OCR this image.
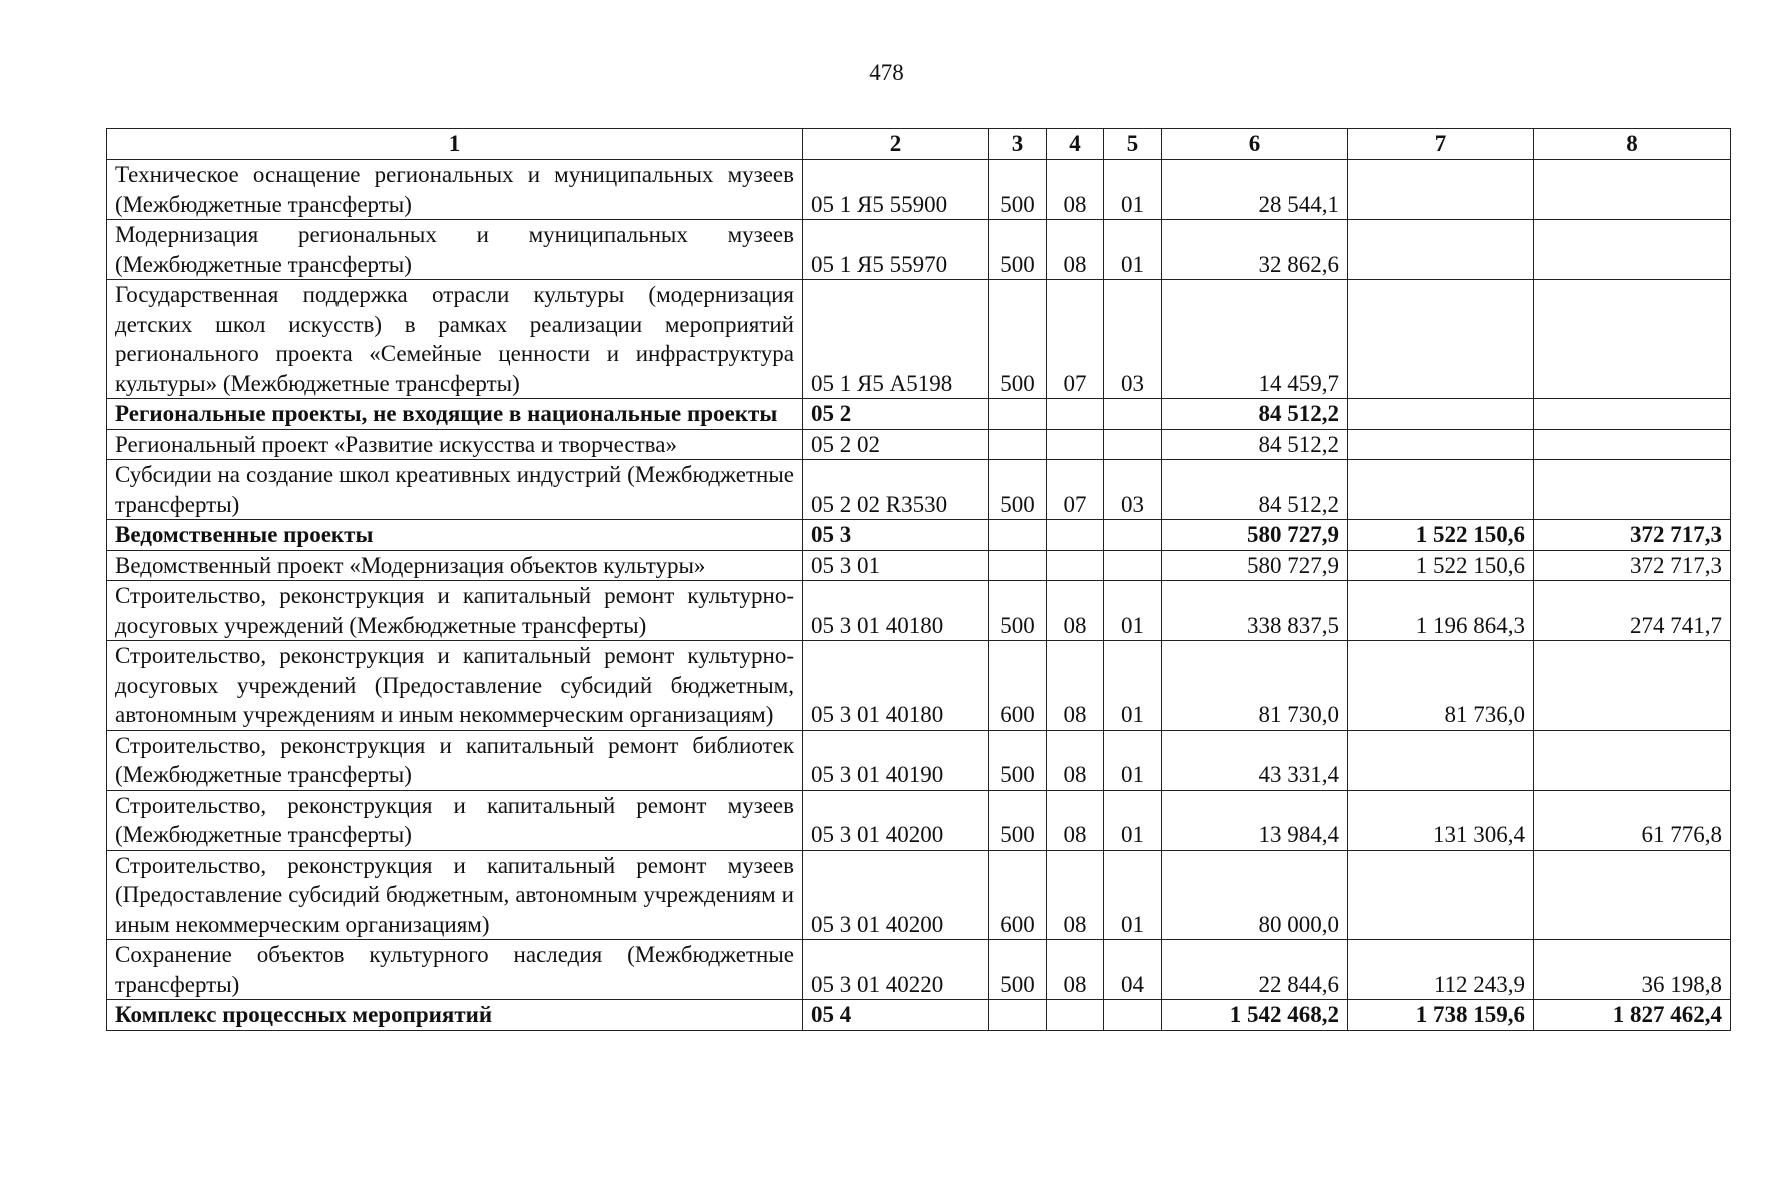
478
1	2	3	4	5	6	7	8
Техническое оснащение региональных и муниципальных музеев (Межбюджетные трансферты)	05 1 Я5 55900	500	08	01	28 544,1		
Модернизация региональных и муниципальных музеев (Межбюджетные трансферты)	05 1 Я5 55970	500	08	01	32 862,6		
Государственная поддержка отрасли культуры (модернизация детских школ искусств) в рамках реализации мероприятий регионального проекта «Семейные ценности и инфраструктура культуры» (Межбюджетные трансферты)	05 1 Я5 А5198	500	07	03	14 459,7		
Региональные проекты, не входящие в национальные проекты	05 2				84 512,2		
Региональный проект «Развитие искусства и творчества»	05 2 02				84 512,2		
Субсидии на создание школ креативных индустрий (Межбюджетные трансферты)	05 2 02 R3530	500	07	03	84 512,2		
Ведомственные проекты	05 3				580 727,9	1 522 150,6	372 717,3
Ведомственный проект «Модернизация объектов культуры»	05 3 01				580 727,9	1 522 150,6	372 717,3
Строительство, реконструкция и капитальный ремонт культурно-досуговых учреждений (Межбюджетные трансферты)	05 3 01 40180	500	08	01	338 837,5	1 196 864,3	274 741,7
Строительство, реконструкция и капитальный ремонт культурно-досуговых учреждений (Предоставление субсидий бюджетным, автономным учреждениям и иным некоммерческим организациям)	05 3 01 40180	600	08	01	81 730,0	81 736,0	
Строительство, реконструкция и капитальный ремонт библиотек (Межбюджетные трансферты)	05 3 01 40190	500	08	01	43 331,4		
Строительство, реконструкция и капитальный ремонт музеев (Межбюджетные трансферты)	05 3 01 40200	500	08	01	13 984,4	131 306,4	61 776,8
Строительство, реконструкция и капитальный ремонт музеев (Предоставление субсидий бюджетным, автономным учреждениям и иным некоммерческим организациям)	05 3 01 40200	600	08	01	80 000,0		
Сохранение объектов культурного наследия (Межбюджетные трансферты)	05 3 01 40220	500	08	04	22 844,6	112 243,9	36 198,8
Комплекс процессных мероприятий	05 4				1 542 468,2	1 738 159,6	1 827 462,4
